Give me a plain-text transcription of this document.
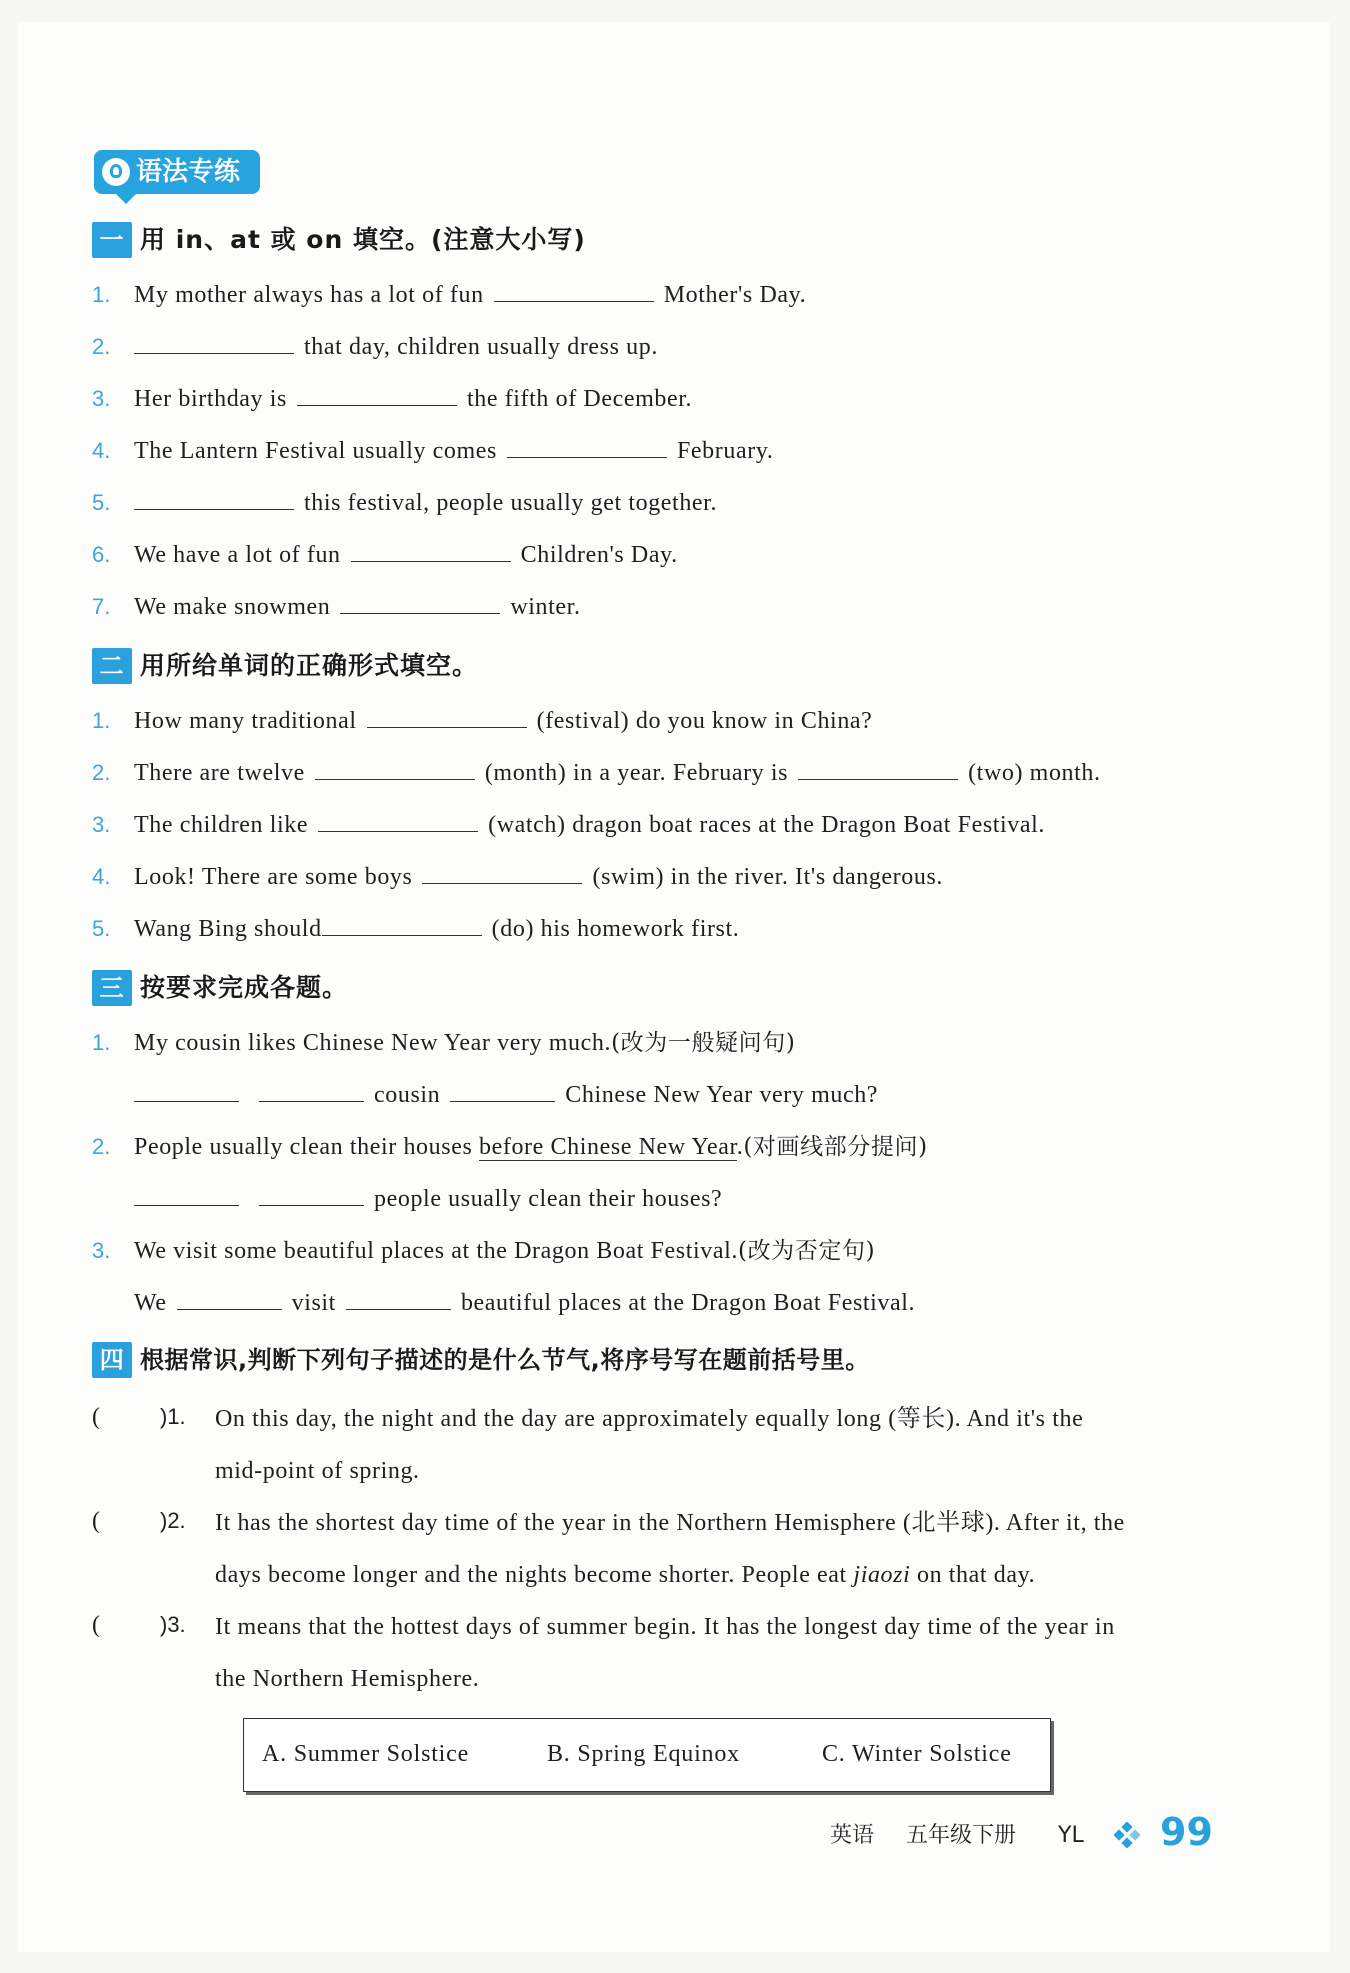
语法专练
一 用 in、at 或 on 填空。(注意大小写)
1. My mother always has a lot of fun	Mother's Day.
2.	that day, children usually dress up.
3. Her birthday is	the fifth of December.
4. The Lantern Festival usually comes	February.
5.	this festival, people usually get together.
6. We have a lot of fun	Children's Day.
7. We make snowmen	winter.
二 用所给单词的正确形式填空。
1. How many traditional	(festival) do you know in China?
2. There are twelve	(month) in a year. February is	(two) month.
3. The children like	(watch) dragon boat races at the Dragon Boat Festival.
4. Look! There are some boys	(swim) in the river. It's dangerous.
5. Wang Bing should	(do) his homework first.
三 按要求完成各题。
1. My cousin likes Chinese New Year very much.(改为一般疑问句)
cousin	Chinese New Year very much?
2. People usually clean their houses before Chinese New Year.(对画线部分提问)
people usually clean their houses?
3. We visit some beautiful places at the Dragon Boat Festival.(改为否定句)
We	visit	beautiful places at the Dragon Boat Festival.
四 根据常识,判断下列句子描述的是什么节气,将序号写在题前括号里。
(	)1. On this day, the night and the day are approximately equally long (等长). And it's the
mid-point of spring.
(	)2. It has the shortest day time of the year in the Northern Hemisphere (北半球). After it, the
days become longer and the nights become shorter. People eat jiaozi on that day.
(	)3. It means that the hottest days of summer begin. It has the longest day time of the year in
the Northern Hemisphere.
A. Summer Solstice	B. Spring Equinox	C. Winter Solstice
英语 五年级下册 YL 99
